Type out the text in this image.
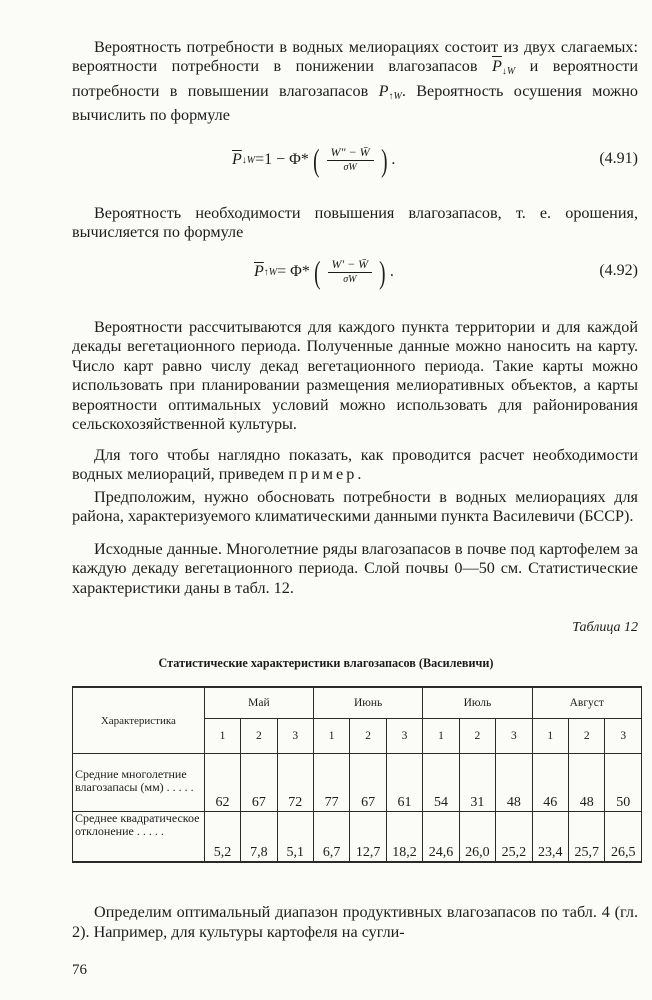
Вероятность потребности в водных мелиорациях состоит из двух слагаемых: вероятности потребности в понижении влагозапасов $\overline{P}_{↓W}$ и вероятности потребности в повышении влагозапасов $P_{↑W}$. Вероятность осушения можно вычислить по формуле

$\overline{P}$ ↓W =1 − Φ* ( $\frac{W" - W̄}{\sigma W}$ ) .	(4.91)

Вероятность необходимости повышения влагозапасов, т. е. орошения, вычисляется по формуле

$\overline{P}$ ↑W = Φ* ( $\frac{W' - W̄}{\sigma W}$ ) .	(4.92)

Вероятности рассчитываются для каждого пункта территории и для каждой декады вегетационного периода. Полученные данные можно наносить на карту. Число карт равно числу декад вегетационного периода. Такие карты можно использовать при планировании размещения мелиоративных объектов, а карты вероятности оптимальных условий можно использовать для районирования сельскохозяйственной культуры.

Для того чтобы наглядно показать, как проводится расчет необходимости водных мелиораций, приведем пример.

Предположим, нужно обосновать потребности в водных мелиорациях для района, характеризуемого климатическими данными пункта Василевичи (БССР).

Исходные данные. Многолетние ряды влагозапасов в почве под картофелем за каждую декаду вегетационного периода. Слой почвы 0—50 см. Статистические характеристики даны в табл. 12.

Таблица 12
Статистические характеристики влагозапасов (Василевичи)
Характеристика	Май			Июнь			Июль			Август		
	1	2	3	1	2	3	1	2	3	1	2	3
Средние многолетние влагозапасы (мм) . . . . .	62	67	72	77	67	61	54	31	48	46	48	50
Среднее квадратическое отклонение . . . . .	5,2	7,8	5,1	6,7	12,7	18,2	24,6	26,0	25,2	23,4	25,7	26,5

Определим оптимальный диапазон продуктивных влагозапасов по табл. 4 (гл. 2). Например, для культуры картофеля на сугли-

76
